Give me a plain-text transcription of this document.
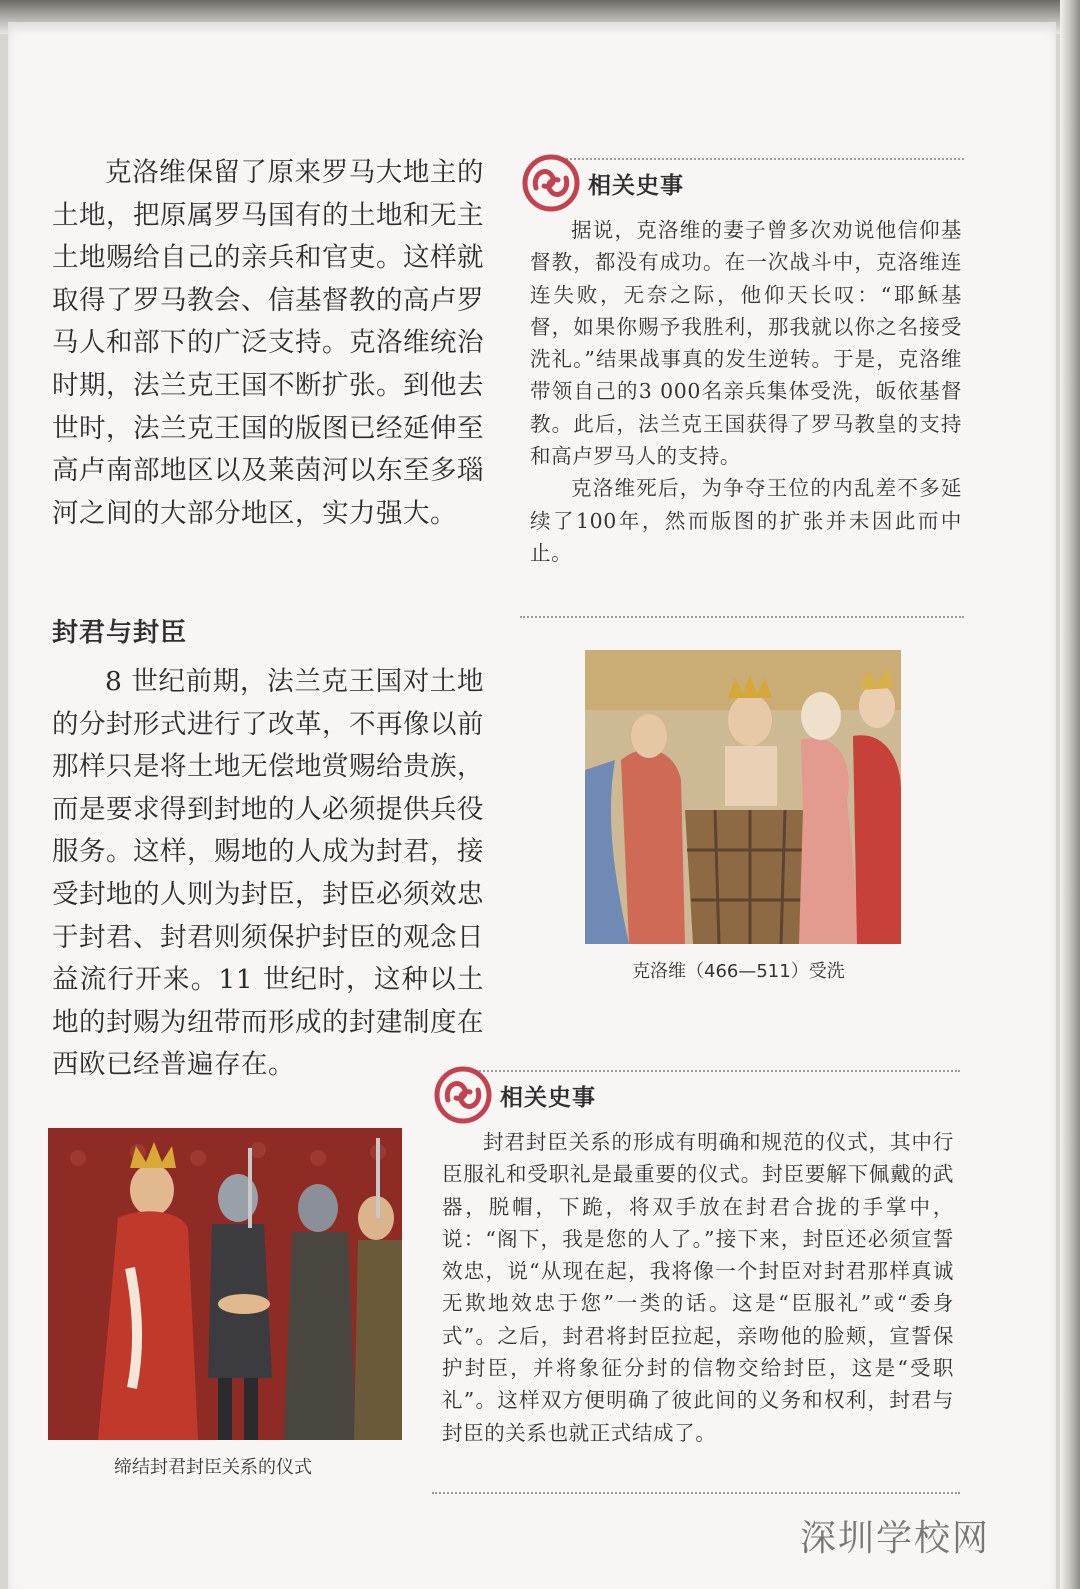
克洛维保留了原来罗马大地主的土地，把原属罗马国有的土地和无主土地赐给自己的亲兵和官吏。这样就取得了罗马教会、信基督教的高卢罗马人和部下的广泛支持。克洛维统治时期，法兰克王国不断扩张。到他去世时，法兰克王国的版图已经延伸至高卢南部地区以及莱茵河以东至多瑙河之间的大部分地区，实力强大。

封君与封臣

8 世纪前期，法兰克王国对土地的分封形式进行了改革，不再像以前那样只是将土地无偿地赏赐给贵族，而是要求得到封地的人必须提供兵役服务。这样，赐地的人成为封君，接受封地的人则为封臣，封臣必须效忠于封君、封君则须保护封臣的观念日益流行开来。11 世纪时，这种以土地的封赐为纽带而形成的封建制度在西欧已经普遍存在。

相关史事

据说，克洛维的妻子曾多次劝说他信仰基督教，都没有成功。在一次战斗中，克洛维连连失败，无奈之际，他仰天长叹：“耶稣基督，如果你赐予我胜利，那我就以你之名接受洗礼。”结果战事真的发生逆转。于是，克洛维带领自己的3 000名亲兵集体受洗，皈依基督教。此后，法兰克王国获得了罗马教皇的支持和高卢罗马人的支持。

克洛维死后，为争夺王位的内乱差不多延续了100年，然而版图的扩张并未因此而中止。

克洛维（466—511）受洗
相关史事

封君封臣关系的形成有明确和规范的仪式，其中行臣服礼和受职礼是最重要的仪式。封臣要解下佩戴的武器，脱帽，下跪，将双手放在封君合拢的手掌中，说：“阁下，我是您的人了。”接下来，封臣还必须宣誓效忠，说“从现在起，我将像一个封臣对封君那样真诚无欺地效忠于您”一类的话。这是“臣服礼”或“委身式”。之后，封君将封臣拉起，亲吻他的脸颊，宣誓保护封臣，并将象征分封的信物交给封臣，这是“受职礼”。这样双方便明确了彼此间的义务和权利，封君与封臣的关系也就正式结成了。

缔结封君封臣关系的仪式
深圳学校网
